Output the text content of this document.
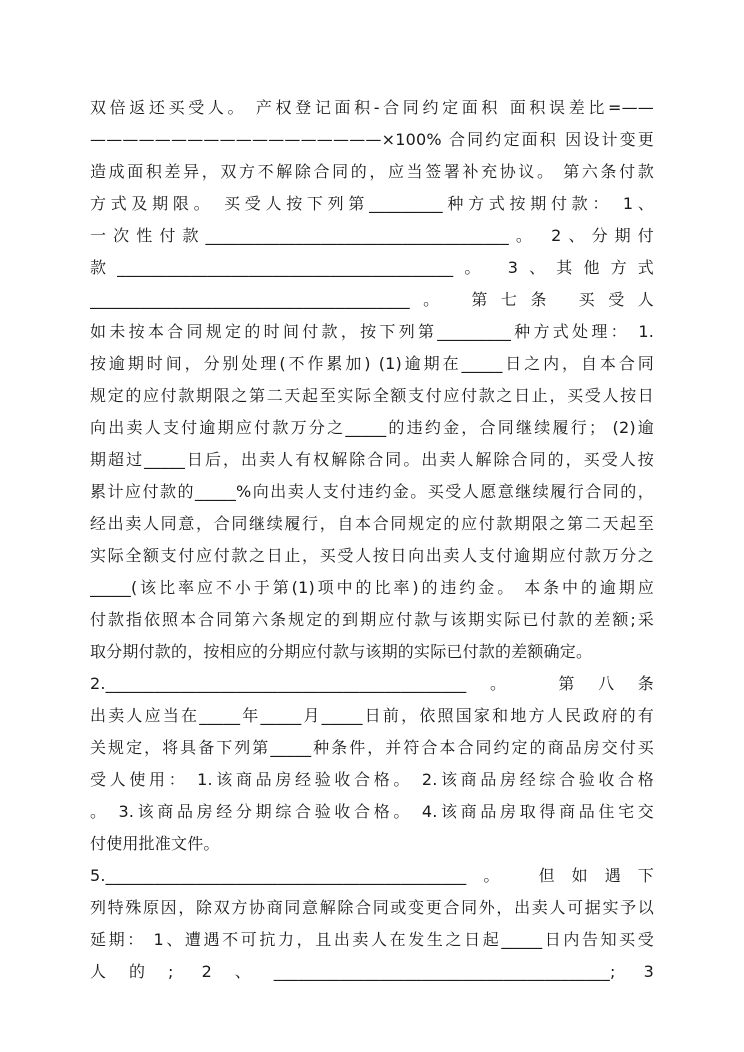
双倍返还买受人。 产权登记面积-合同约定面积 面积误差比=——
——————————————————×100% 合同约定面积 因设计变更
造成面积差异，双方不解除合同的，应当签署补充协议。 第六条付款
方式及期限。 买受人按下列第_________种方式按期付款： 1、
一次性付款_____________________________________。 2、分期付
款_________________________________________。 3、其他方式
_______________________________________。 第七条 买受人
如未按本合同规定的时间付款，按下列第_________种方式处理： 1.
按逾期时间，分别处理(不作累加) (1)逾期在_____日之内，自本合同
规定的应付款期限之第二天起至实际全额支付应付款之日止，买受人按日
向出卖人支付逾期应付款万分之_____的违约金，合同继续履行； (2)逾
期超过_____日后，出卖人有权解除合同。出卖人解除合同的，买受人按
累计应付款的_____%向出卖人支付违约金。买受人愿意继续履行合同的，
经出卖人同意，合同继续履行，自本合同规定的应付款期限之第二天起至
实际全额支付应付款之日止，买受人按日向出卖人支付逾期应付款万分之
_____(该比率应不小于第(1)项中的比率)的违约金。 本条中的逾期应
付款指依照本合同第六条规定的到期应付款与该期实际已付款的差额;采
取分期付款的，按相应的分期应付款与该期的实际已付款的差额确定。
2.____________________________________________。 第八条
出卖人应当在_____年_____月_____日前，依照国家和地方人民政府的有
关规定，将具备下列第_____种条件，并符合本合同约定的商品房交付买
受人使用： 1.该商品房经验收合格。 2.该商品房经综合验收合格
。 3.该商品房经分期综合验收合格。 4.该商品房取得商品住宅交
付使用批准文件。
5.____________________________________________。 但如遇下
列特殊原因，除双方协商同意解除合同或变更合同外，出卖人可据实予以
延期： 1、遭遇不可抗力，且出卖人在发生之日起_____日内告知买受
人的; 2、_________________________________________; 3
